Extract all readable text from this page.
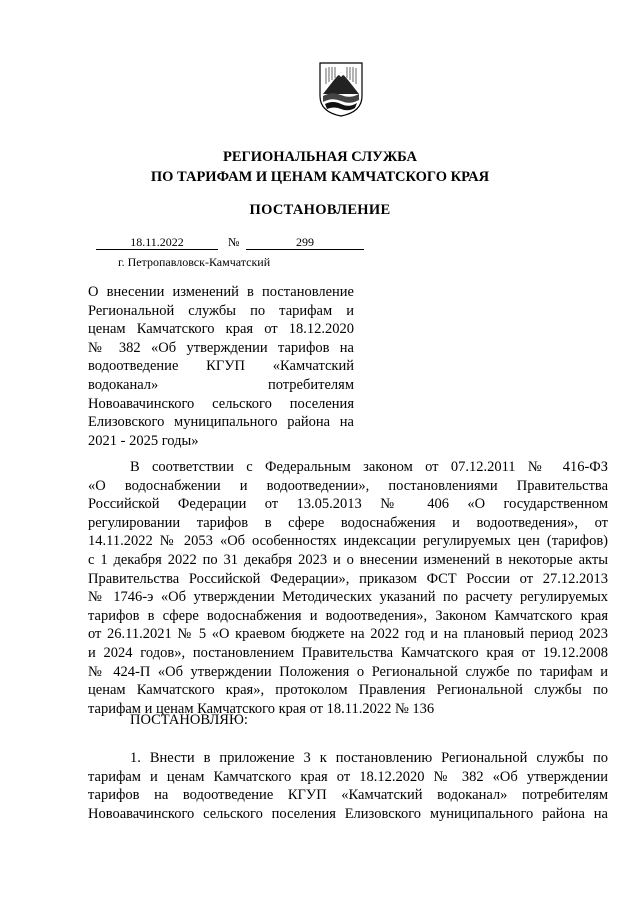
РЕГИОНАЛЬНАЯ СЛУЖБА
ПО ТАРИФАМ И ЦЕНАМ КАМЧАТСКОГО КРАЯ
ПОСТАНОВЛЕНИЕ
18.11.2022	№	299
г. Петропавловск-Камчатский
О внесении изменений в постановление
Региональной службы по тарифам и
ценам Камчатского края от 18.12.2020
№ 382 «Об утверждении тарифов на
водоотведение КГУП «Камчатский
водоканал» потребителям
Новоавачинского сельского поселения
Елизовского муниципального района на
2021 - 2025 годы»
В соответствии с Федеральным законом от 07.12.2011 № 416-ФЗ
«О водоснабжении и водоотведении», постановлениями Правительства
Российской Федерации от 13.05.2013 № 406 «О государственном
регулировании тарифов в сфере водоснабжения и водоотведения», от
14.11.2022 № 2053 «Об особенностях индексации регулируемых цен (тарифов)
с 1 декабря 2022 по 31 декабря 2023 и о внесении изменений в некоторые акты
Правительства Российской Федерации», приказом ФСТ России от 27.12.2013
№ 1746-э «Об утверждении Методических указаний по расчету регулируемых
тарифов в сфере водоснабжения и водоотведения», Законом Камчатского края
от 26.11.2021 № 5 «О краевом бюджете на 2022 год и на плановый период 2023
и 2024 годов», постановлением Правительства Камчатского края от 19.12.2008
№ 424-П «Об утверждении Положения о Региональной службе по тарифам и
ценам Камчатского края», протоколом Правления Региональной службы по
тарифам и ценам Камчатского края от 18.11.2022 № 136
ПОСТАНОВЛЯЮ:
1. Внести в приложение 3 к постановлению Региональной службы по
тарифам и ценам Камчатского края от 18.12.2020 № 382 «Об утверждении
тарифов на водоотведение КГУП «Камчатский водоканал» потребителям
Новоавачинского сельского поселения Елизовского муниципального района на
